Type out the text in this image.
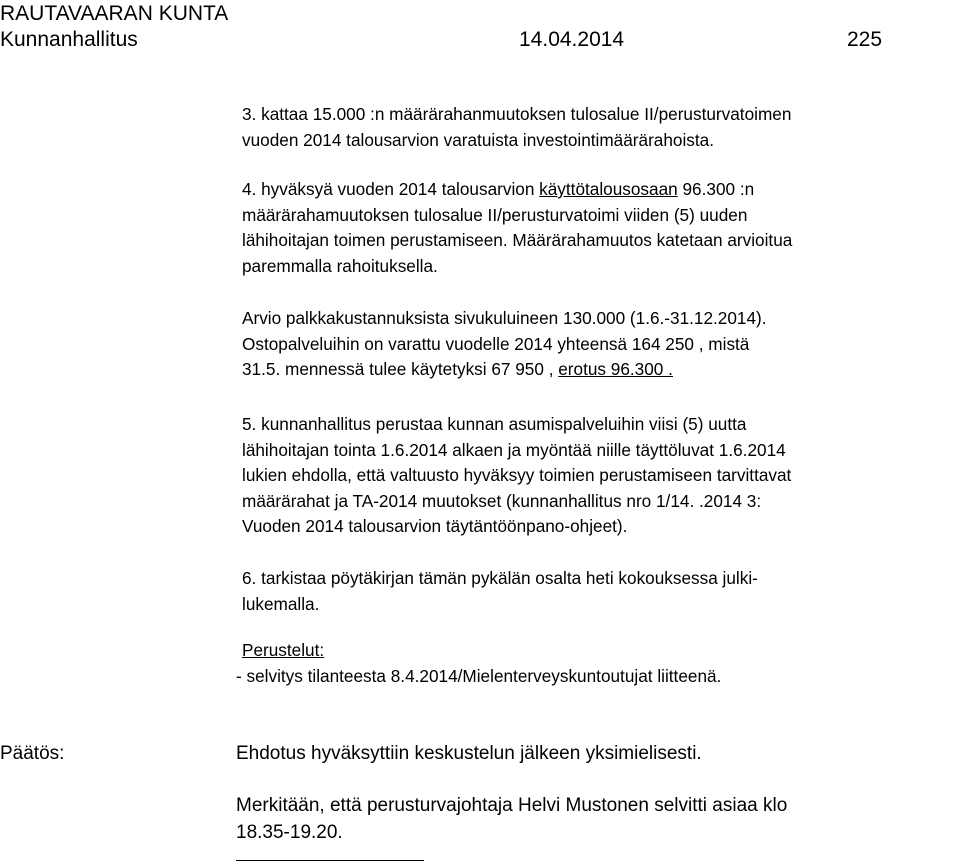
RAUTAVAARAN KUNTA
Kunnanhallitus	14.04.2014	225
3. kattaa 15.000 :n määrärahanmuutoksen tulosalue II/perusturvatoimen
vuoden 2014 talousarvion varatuista investointimäärärahoista.
4. hyväksyä vuoden 2014 talousarvion käyttötalousosaan 96.300 :n
määrärahamuutoksen tulosalue II/perusturvatoimi viiden (5) uuden
lähihoitajan toimen perustamiseen. Määrärahamuutos katetaan arvioitua
paremmalla rahoituksella.
Arvio palkkakustannuksista sivukuluineen 130.000 (1.6.-31.12.2014).
Ostopalveluihin on varattu vuodelle 2014 yhteensä 164 250 , mistä
31.5. mennessä tulee käytetyksi 67 950 , erotus 96.300 .
5. kunnanhallitus perustaa kunnan asumispalveluihin viisi (5) uutta
lähihoitajan tointa 1.6.2014 alkaen ja myöntää niille täyttöluvat 1.6.2014
lukien ehdolla, että valtuusto hyväksyy toimien perustamiseen tarvittavat
määrärahat ja TA-2014 muutokset (kunnanhallitus nro 1/14. .2014 3:
Vuoden 2014 talousarvion täytäntöönpano-ohjeet).
6. tarkistaa pöytäkirjan tämän pykälän osalta heti kokouksessa julki-
lukemalla.
Perustelut:
- selvitys tilanteesta 8.4.2014/Mielenterveyskuntoutujat liitteenä.
Päätös:	Ehdotus hyväksyttiin keskustelun jälkeen yksimielisesti.
Merkitään, että perusturvajohtaja Helvi Mustonen selvitti asiaa klo
18.35-19.20.
